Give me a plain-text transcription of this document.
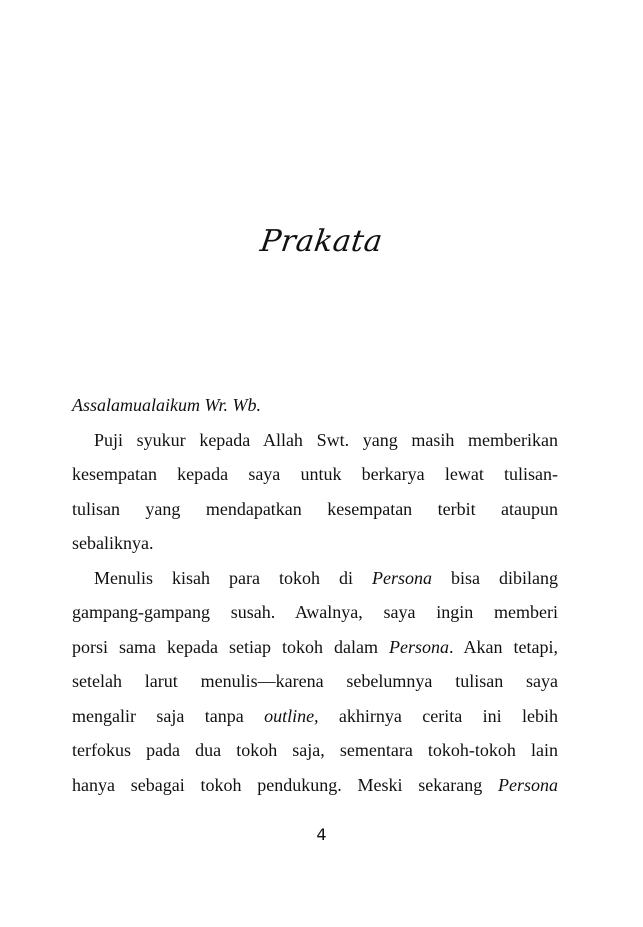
Prakata
Assalamualaikum Wr. Wb.
Puji syukur kepada Allah Swt. yang masih memberikan
kesempatan kepada saya untuk berkarya lewat tulisan-
tulisan yang mendapatkan kesempatan terbit ataupun
sebaliknya.
Menulis kisah para tokoh di Persona bisa dibilang
gampang-gampang susah. Awalnya, saya ingin memberi
porsi sama kepada setiap tokoh dalam Persona. Akan tetapi,
setelah larut menulis—karena sebelumnya tulisan saya
mengalir saja tanpa outline, akhirnya cerita ini lebih
terfokus pada dua tokoh saja, sementara tokoh-tokoh lain
hanya sebagai tokoh pendukung. Meski sekarang Persona
4
